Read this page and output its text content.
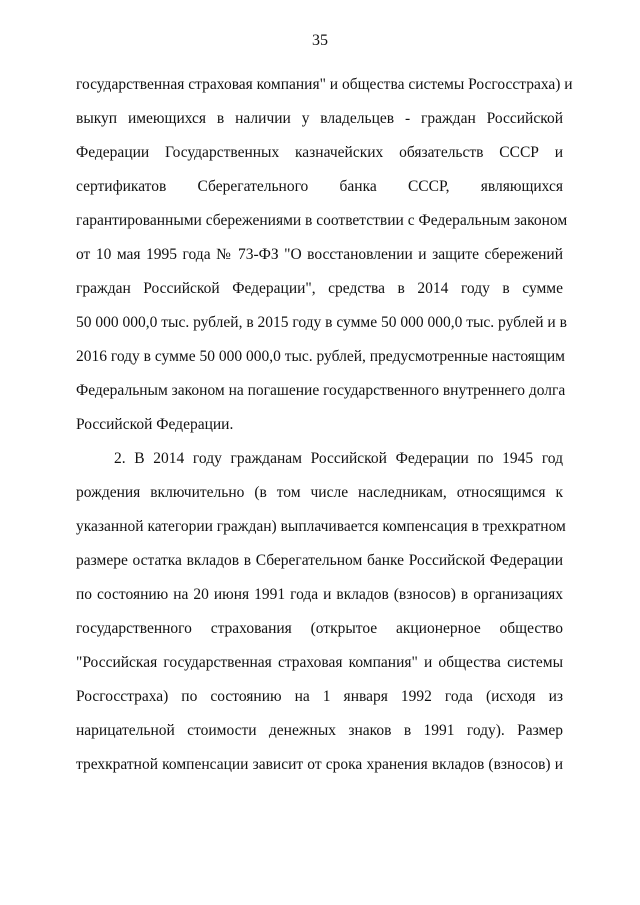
35
государственная страховая компания" и общества системы Росгосстраха) и
выкуп имеющихся в наличии у владельцев - граждан Российской
Федерации Государственных казначейских обязательств СССР и
сертификатов Сберегательного банка СССР, являющихся
гарантированными сбережениями в соответствии с Федеральным законом
от 10 мая 1995 года № 73-ФЗ "О восстановлении и защите сбережений
граждан Российской Федерации", средства в 2014 году в сумме
50 000 000,0 тыс. рублей, в 2015 году в сумме 50 000 000,0 тыс. рублей и в
2016 году в сумме 50 000 000,0 тыс. рублей, предусмотренные настоящим
Федеральным законом на погашение государственного внутреннего долга
Российской Федерации.
2. В 2014 году гражданам Российской Федерации по 1945 год
рождения включительно (в том числе наследникам, относящимся к
указанной категории граждан) выплачивается компенсация в трехкратном
размере остатка вкладов в Сберегательном банке Российской Федерации
по состоянию на 20 июня 1991 года и вкладов (взносов) в организациях
государственного страхования (открытое акционерное общество
"Российская государственная страховая компания" и общества системы
Росгосстраха) по состоянию на 1 января 1992 года (исходя из
нарицательной стоимости денежных знаков в 1991 году). Размер
трехкратной компенсации зависит от срока хранения вкладов (взносов) и
